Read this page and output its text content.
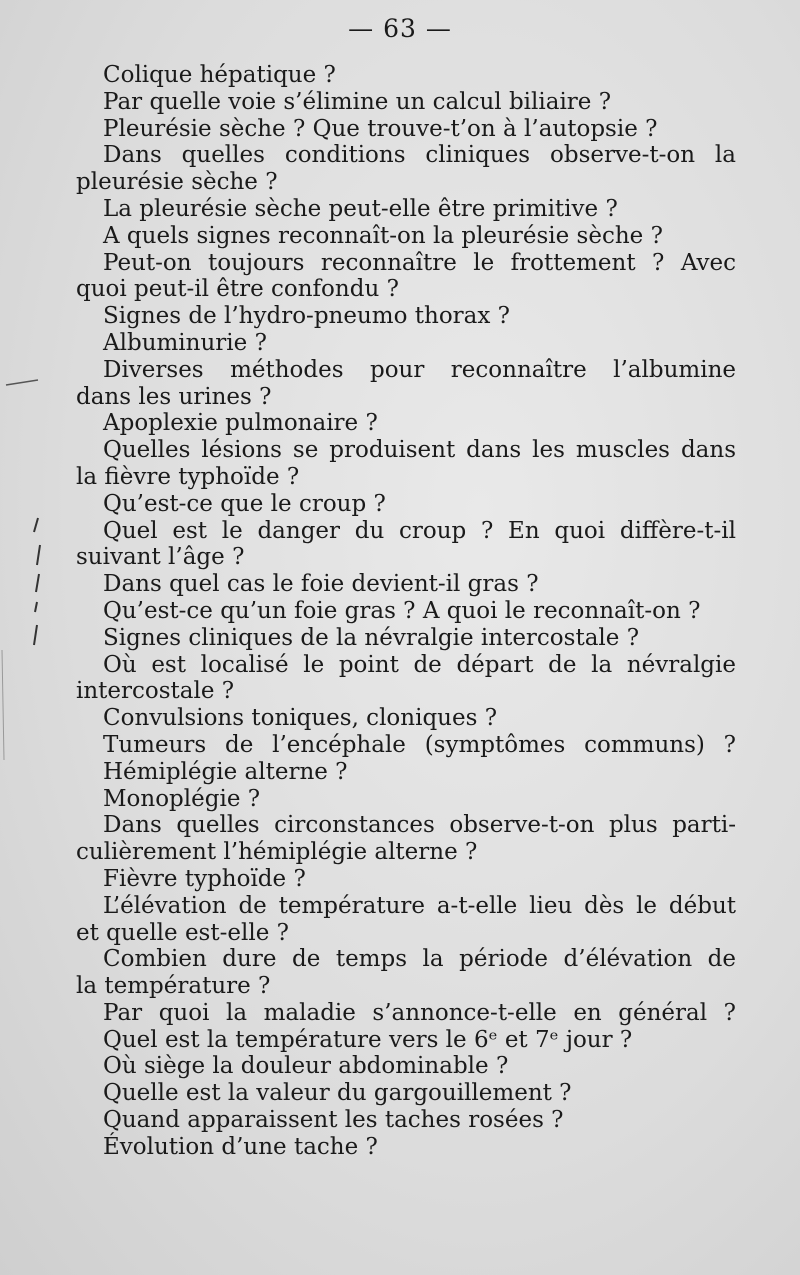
— 63 —
Colique hépatique ?
Par quelle voie s’élimine un calcul biliaire ?
Pleurésie sèche ? Que trouve-t’on à l’autopsie ?
Dans quelles conditions cliniques observe-t-on la
pleurésie sèche ?
La pleurésie sèche peut-elle être primitive ?
A quels signes reconnaît-on la pleurésie sèche ?
Peut-on toujours reconnaître le frottement ? Avec
quoi peut-il être confondu ?
Signes de l’hydro-pneumo thorax ?
Albuminurie ?
Diverses méthodes pour reconnaître l’albumine
dans les urines ?
Apoplexie pulmonaire ?
Quelles lésions se produisent dans les muscles dans
la fièvre typhoïde ?
Qu’est-ce que le croup ?
Quel est le danger du croup ? En quoi diffère-t-il
suivant l’âge ?
Dans quel cas le foie devient-il gras ?
Qu’est-ce qu’un foie gras ? A quoi le reconnaît-on ?
Signes cliniques de la névralgie intercostale ?
Où est localisé le point de départ de la névralgie
intercostale ?
Convulsions toniques, cloniques ?
Tumeurs de l’encéphale (symptômes communs) ?
Hémiplégie alterne ?
Monoplégie ?
Dans quelles circonstances observe-t-on plus parti-
culièrement l’hémiplégie alterne ?
Fièvre typhoïde ?
L’élévation de température a-t-elle lieu dès le début
et quelle est-elle ?
Combien dure de temps la période d’élévation de
la température ?
Par quoi la maladie s’annonce-t-elle en général ?
Quel est la température vers le 6ᵉ et 7ᵉ jour ?
Où siège la douleur abdominable ?
Quelle est la valeur du gargouillement ?
Quand apparaissent les taches rosées ?
Évolution d’une tache ?
